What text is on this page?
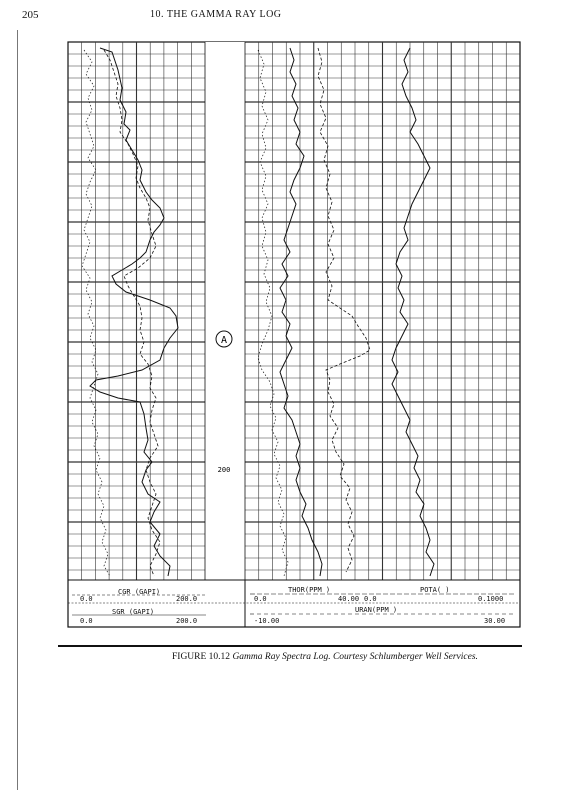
205	10. THE GAMMA RAY LOG
A
200
CGR (GAPI)
0.0	200.0
SGR (GAPI)
0.0	200.0
THOR(PPM )	POTA( )
0.0	40.00 0.0	0.1000
URAN(PPM )
-10.00	30.00
FIGURE 10.12 Gamma Ray Spectra Log. Courtesy Schlumberger Well Services.
